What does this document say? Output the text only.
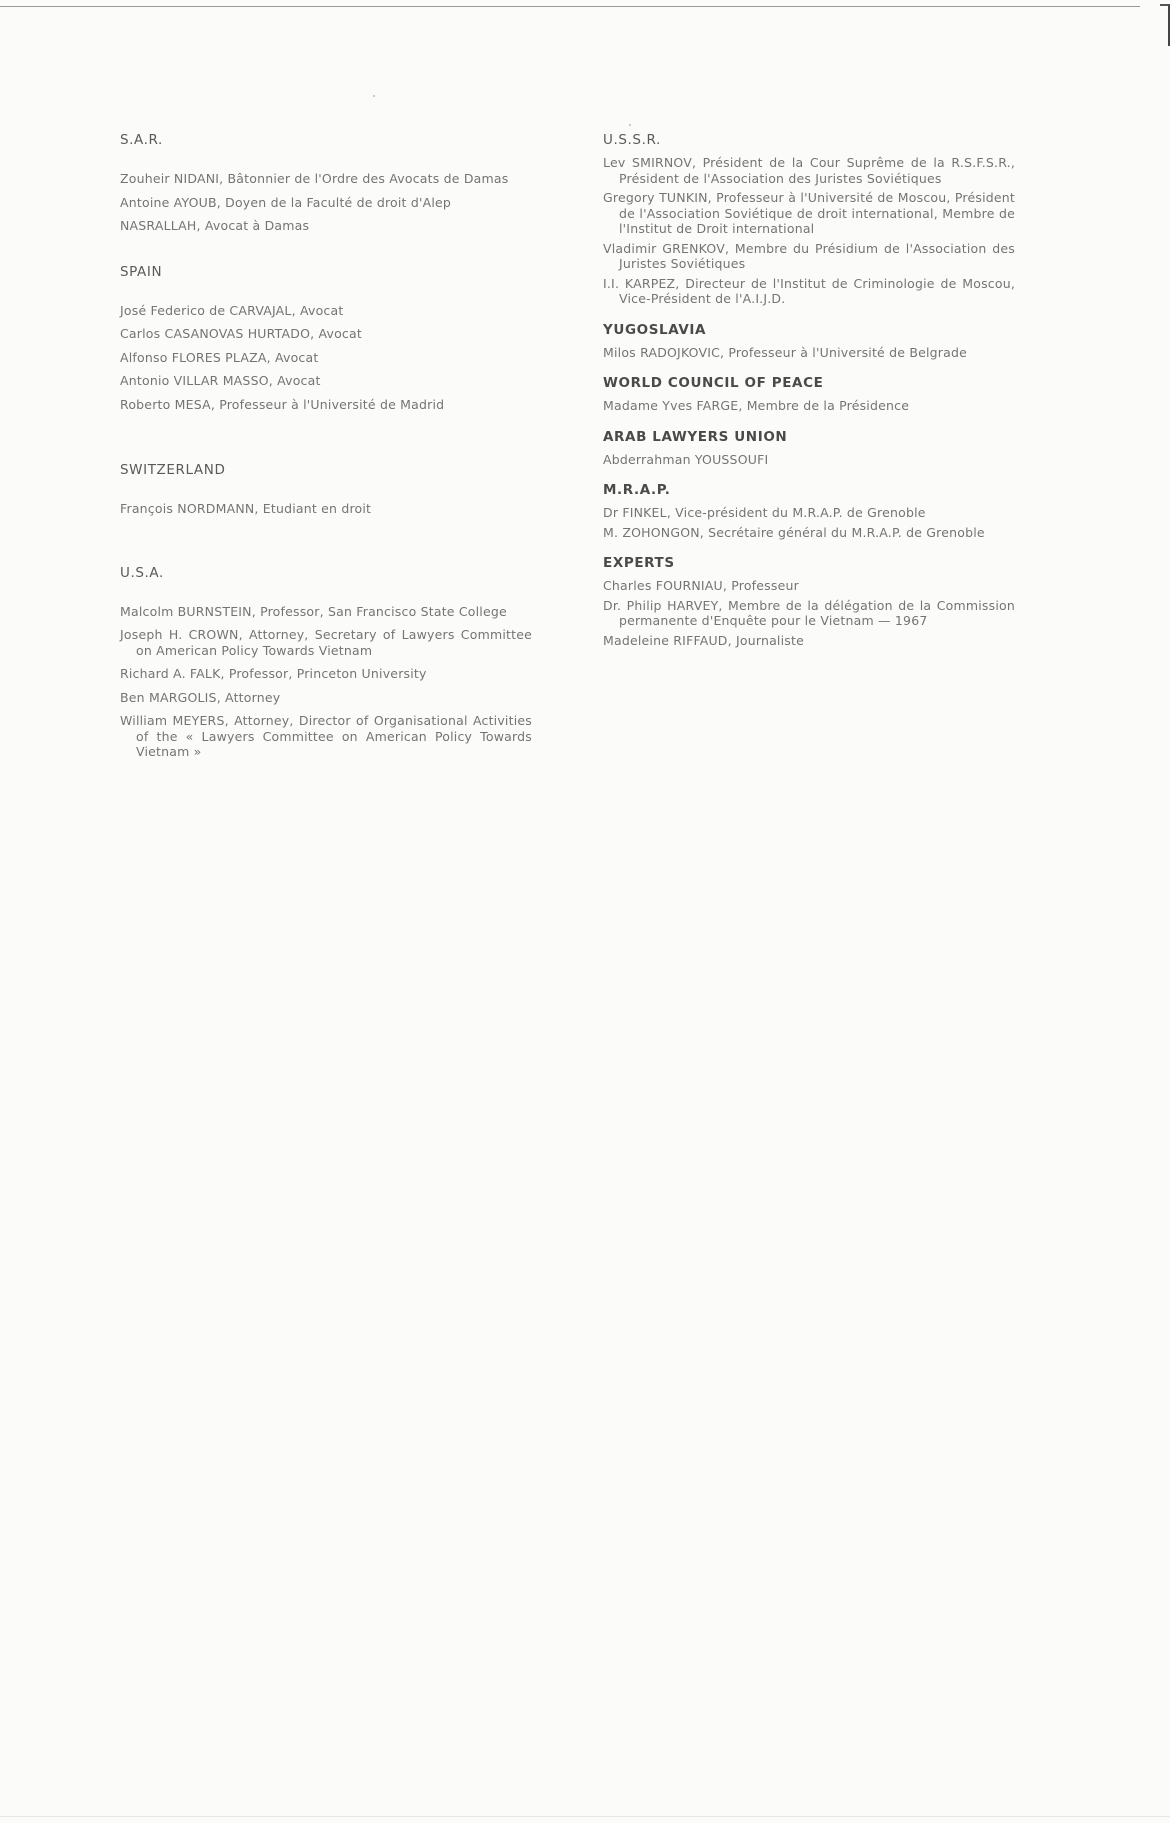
S.A.R.
Zouheir NIDANI, Bâtonnier de l'Ordre des Avocats de Damas
Antoine AYOUB, Doyen de la Faculté de droit d'Alep
NASRALLAH, Avocat à Damas
SPAIN
José Federico de CARVAJAL, Avocat
Carlos CASANOVAS HURTADO, Avocat
Alfonso FLORES PLAZA, Avocat
Antonio VILLAR MASSO, Avocat
Roberto MESA, Professeur à l'Université de Madrid
SWITZERLAND
François NORDMANN, Etudiant en droit
U.S.A.
Malcolm BURNSTEIN, Professor, San Francisco State College
Joseph H. CROWN, Attorney, Secretary of Lawyers Committee on American Policy Towards Vietnam
Richard A. FALK, Professor, Princeton University
Ben MARGOLIS, Attorney
William MEYERS, Attorney, Director of Organisational Activities of the « Lawyers Committee on American Policy Towards Vietnam »
U.S.S.R.
Lev SMIRNOV, Président de la Cour Suprême de la R.S.F.S.R., Président de l'Association des Juristes Soviétiques
Gregory TUNKIN, Professeur à l'Université de Moscou, Président de l'Association Soviétique de droit international, Membre de l'Institut de Droit international
Vladimir GRENKOV, Membre du Présidium de l'Association des Juristes Soviétiques
I.I. KARPEZ, Directeur de l'Institut de Criminologie de Moscou, Vice-Président de l'A.I.J.D.
YUGOSLAVIA
Milos RADOJKOVIC, Professeur à l'Université de Belgrade
WORLD COUNCIL OF PEACE
Madame Yves FARGE, Membre de la Présidence
ARAB LAWYERS UNION
Abderrahman YOUSSOUFI
M.R.A.P.
Dr FINKEL, Vice-président du M.R.A.P. de Grenoble
M. ZOHONGON, Secrétaire général du M.R.A.P. de Grenoble
EXPERTS
Charles FOURNIAU, Professeur
Dr. Philip HARVEY, Membre de la délégation de la Commission permanente d'Enquête pour le Vietnam — 1967
Madeleine RIFFAUD, Journaliste
